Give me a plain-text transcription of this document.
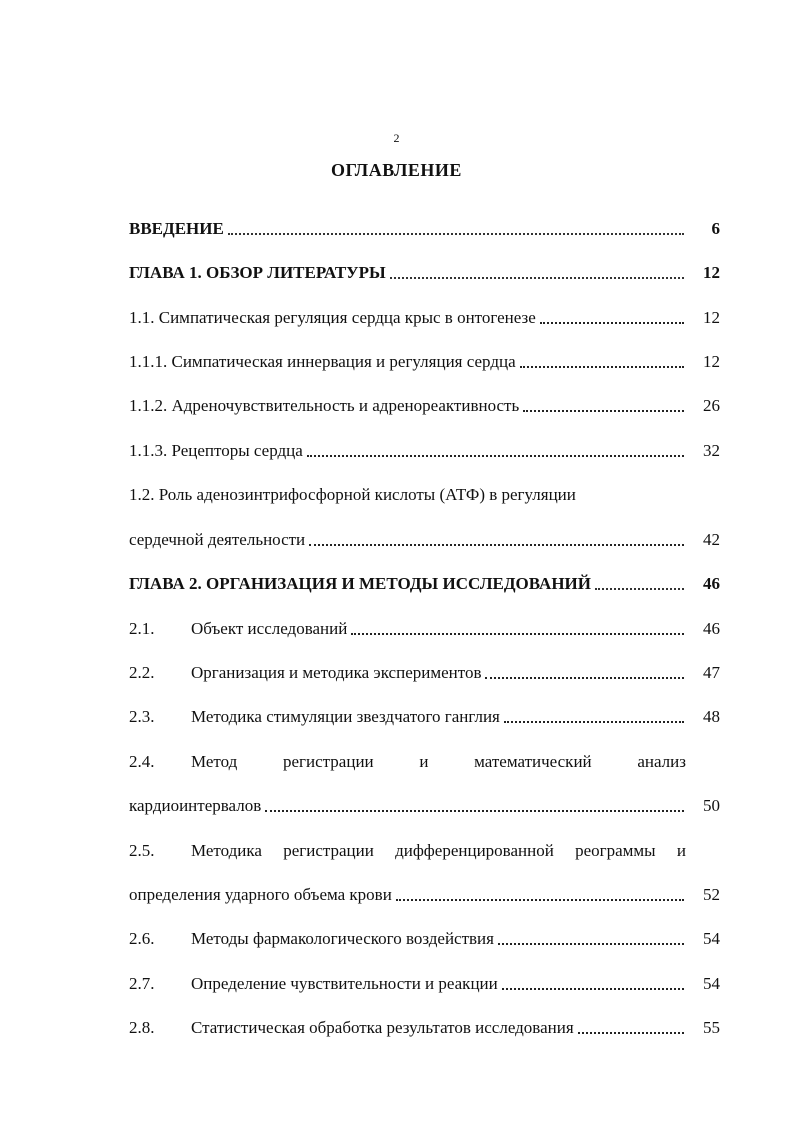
2
ОГЛАВЛЕНИЕ
ВВЕДЕНИЕ	6
ГЛАВА 1. ОБЗОР ЛИТЕРАТУРЫ	12
1.1. Симпатическая регуляция сердца крыс в онтогенезе	12
1.1.1. Симпатическая иннервация и регуляция сердца	12
1.1.2. Адреночувствительность и адренореактивность	26
1.1.3. Рецепторы сердца	32
1.2. Роль аденозинтрифосфорной кислоты (АТФ) в регуляции
сердечной деятельности	42
ГЛАВА 2. ОРГАНИЗАЦИЯ И МЕТОДЫ ИССЛЕДОВАНИЙ	46
2.1.	Объект исследований	46
2.2.	Организация и методика экспериментов	47
2.3.	Методика стимуляции звездчатого ганглия	48
2.4.	Метод	регистрации	и	математический	анализ
кардиоинтервалов	50
2.5.	Методика регистрации дифференцированной реограммы и
определения ударного объема крови	52
2.6.	Методы фармакологического воздействия	54
2.7.	Определение чувствительности и реакции	54
2.8.	Статистическая обработка результатов исследования	55
